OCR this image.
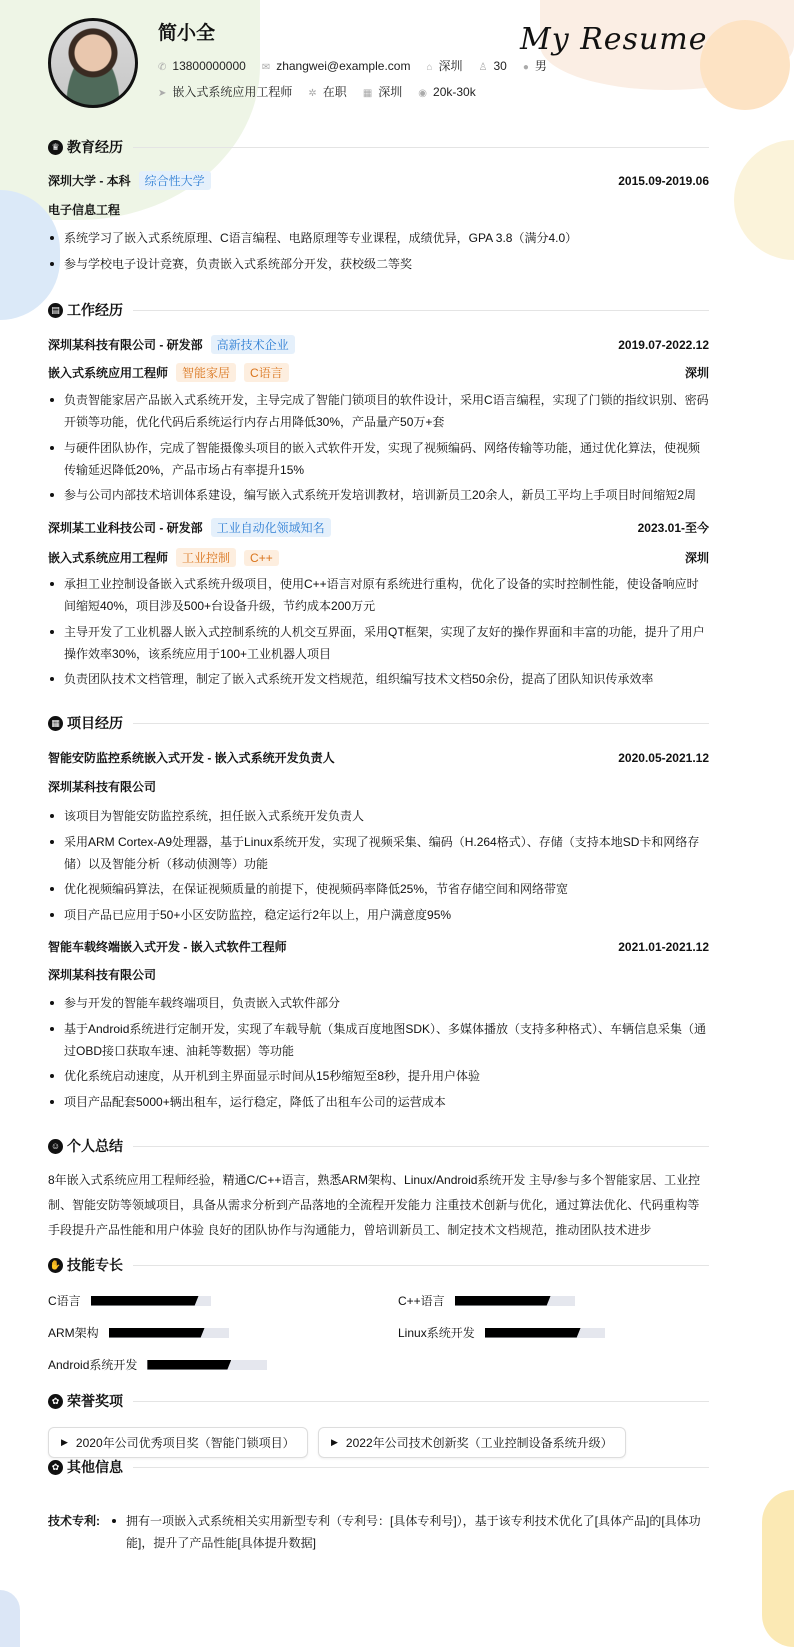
简小全	My Resume
✆ 13800000000 ✉ zhangwei@example.com ⌂ 深圳 ♙ 30 ● 男
➤ 嵌入式系统应用工程师 ✲ 在职 ▦ 深圳 ◉ 20k-30k
♛ 教育经历
深圳大学 - 本科	综合性大学	2015.09-2019.06
电子信息工程
系统学习了嵌入式系统原理、C语言编程、电路原理等专业课程，成绩优异，GPA 3.8（满分4.0）
参与学校电子设计竞赛，负责嵌入式系统部分开发，获校级二等奖
▤ 工作经历
深圳某科技有限公司 - 研发部	高新技术企业	2019.07-2022.12
嵌入式系统应用工程师	智能家居	C语言	深圳
负责智能家居产品嵌入式系统开发，主导完成了智能门锁项目的软件设计，采用C语言编程，实现了门锁的指纹识别、密码开锁等功能，优化代码后系统运行内存占用降低30%，产品量产50万+套
与硬件团队协作，完成了智能摄像头项目的嵌入式软件开发，实现了视频编码、网络传输等功能，通过优化算法，使视频传输延迟降低20%，产品市场占有率提升15%
参与公司内部技术培训体系建设，编写嵌入式系统开发培训教材，培训新员工20余人，新员工平均上手项目时间缩短2周
深圳某工业科技公司 - 研发部	工业自动化领域知名	2023.01-至今
嵌入式系统应用工程师	工业控制	C++	深圳
承担工业控制设备嵌入式系统升级项目，使用C++语言对原有系统进行重构，优化了设备的实时控制性能，使设备响应时间缩短40%，项目涉及500+台设备升级，节约成本200万元
主导开发了工业机器人嵌入式控制系统的人机交互界面，采用QT框架，实现了友好的操作界面和丰富的功能，提升了用户操作效率30%，该系统应用于100+工业机器人项目
负责团队技术文档管理，制定了嵌入式系统开发文档规范，组织编写技术文档50余份，提高了团队知识传承效率
▦ 项目经历
智能安防监控系统嵌入式开发 - 嵌入式系统开发负责人	2020.05-2021.12
深圳某科技有限公司
该项目为智能安防监控系统，担任嵌入式系统开发负责人
采用ARM Cortex-A9处理器，基于Linux系统开发，实现了视频采集、编码（H.264格式）、存储（支持本地SD卡和网络存储）以及智能分析（移动侦测等）功能
优化视频编码算法，在保证视频质量的前提下，使视频码率降低25%，节省存储空间和网络带宽
项目产品已应用于50+小区安防监控，稳定运行2年以上，用户满意度95%
智能车载终端嵌入式开发 - 嵌入式软件工程师	2021.01-2021.12
深圳某科技有限公司
参与开发的智能车载终端项目，负责嵌入式软件部分
基于Android系统进行定制开发，实现了车载导航（集成百度地图SDK）、多媒体播放（支持多种格式）、车辆信息采集（通过OBD接口获取车速、油耗等数据）等功能
优化系统启动速度，从开机到主界面显示时间从15秒缩短至8秒，提升用户体验
项目产品配套5000+辆出租车，运行稳定，降低了出租车公司的运营成本
☺ 个人总结
8年嵌入式系统应用工程师经验，精通C/C++语言，熟悉ARM架构、Linux/Android系统开发 主导/参与多个智能家居、工业控制、智能安防等领域项目，具备从需求分析到产品落地的全流程开发能力 注重技术创新与优化，通过算法优化、代码重构等手段提升产品性能和用户体验 良好的团队协作与沟通能力，曾培训新员工、制定技术文档规范，推动团队技术进步
✋ 技能专长
C语言	C++语言
ARM架构	Linux系统开发
Android系统开发
✿ 荣誉奖项
▶ 2020年公司优秀项目奖（智能门锁项目）	▶ 2022年公司技术创新奖（工业控制设备系统升级）
✿ 其他信息
技术专利:	拥有一项嵌入式系统相关实用新型专利（专利号：[具体专利号]），基于该专利技术优化了[具体产品]的[具体功能]，提升了产品性能[具体提升数据]
